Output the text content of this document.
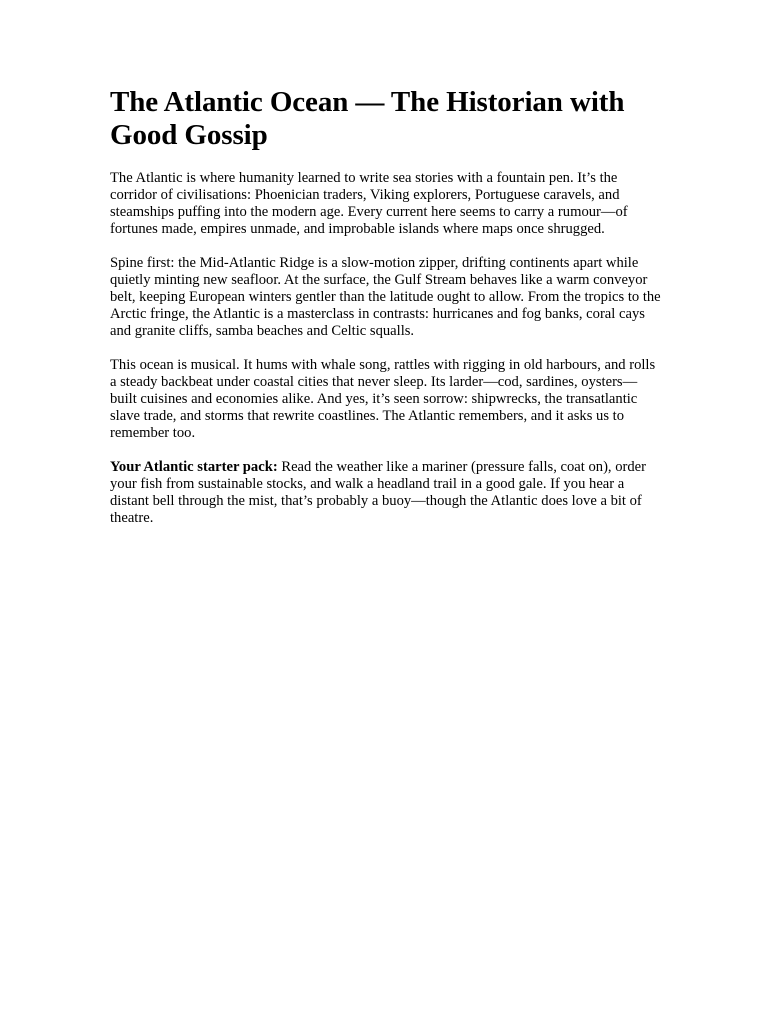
The Atlantic Ocean — The Historian with Good Gossip

The Atlantic is where humanity learned to write sea stories with a fountain pen. It’s the corridor of civilisations: Phoenician traders, Viking explorers, Portuguese caravels, and steamships puffing into the modern age. Every current here seems to carry a rumour—of fortunes made, empires unmade, and improbable islands where maps once shrugged.

Spine first: the Mid-Atlantic Ridge is a slow-motion zipper, drifting continents apart while quietly minting new seafloor. At the surface, the Gulf Stream behaves like a warm conveyor belt, keeping European winters gentler than the latitude ought to allow. From the tropics to the Arctic fringe, the Atlantic is a masterclass in contrasts: hurricanes and fog banks, coral cays and granite cliffs, samba beaches and Celtic squalls.

This ocean is musical. It hums with whale song, rattles with rigging in old harbours, and rolls a steady backbeat under coastal cities that never sleep. Its larder—cod, sardines, oysters—built cuisines and economies alike. And yes, it’s seen sorrow: shipwrecks, the transatlantic slave trade, and storms that rewrite coastlines. The Atlantic remembers, and it asks us to remember too.

Your Atlantic starter pack: Read the weather like a mariner (pressure falls, coat on), order your fish from sustainable stocks, and walk a headland trail in a good gale. If you hear a distant bell through the mist, that’s probably a buoy—though the Atlantic does love a bit of theatre.
